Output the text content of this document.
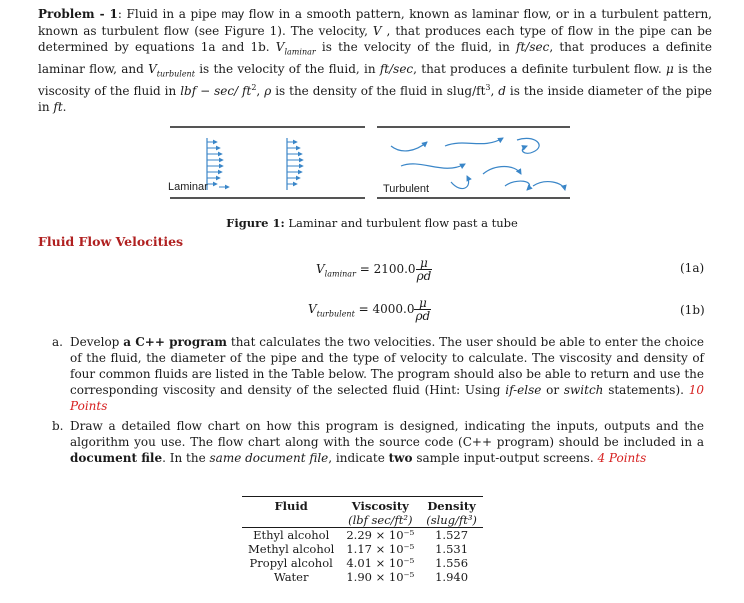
Problem - 1: Fluid in a pipe may flow in a smooth pattern, known as laminar flow, or in a turbulent pattern, known as turbulent flow (see Figure 1). The velocity, V , that produces each type of flow in the pipe can be determined by equations 1a and 1b. $V_{laminar}$ is the velocity of the fluid, in ft/sec, that produces a definite laminar flow, and $V_{turbulent}$ is the velocity of the fluid, in ft/sec, that produces a definite turbulent flow. μ is the viscosity of the fluid in lbf − sec/ $ft^2$, ρ is the density of the fluid in slug/$ft^3$, d is the inside diameter of the pipe in ft.
Laminar	Turbulent
Figure 1: Laminar and turbulent flow past a tube
Fluid Flow Velocities
$V_{laminar} = 2100.0 \frac{\mu}{\rho d}$	(1a)
$V_{turbulent} = 4000.0 \frac{\mu}{\rho d}$	(1b)
a. Develop a C++ program that calculates the two velocities. The user should be able to enter the choice of the fluid, the diameter of the pipe and the type of velocity to calculate. The viscosity and density of four common fluids are listed in the Table below. The program should also be able to return and use the corresponding viscosity and density of the selected fluid (Hint: Using if-else or switch statements). 10 Points
b. Draw a detailed flow chart on how this program is designed, indicating the inputs, outputs and the algorithm you use. The flow chart along with the source code (C++ program) should be included in a document file. In the same document file, indicate two sample input-output screens. 4 Points
Fluid	Viscosity	Density
	(lbf sec/ft²)	(slug/ft³)
Ethyl alcohol	2.29 × 10⁻⁵	1.527
Methyl alcohol	1.17 × 10⁻⁵	1.531
Propyl alcohol	4.01 × 10⁻⁵	1.556
Water	1.90 × 10⁻⁵	1.940
